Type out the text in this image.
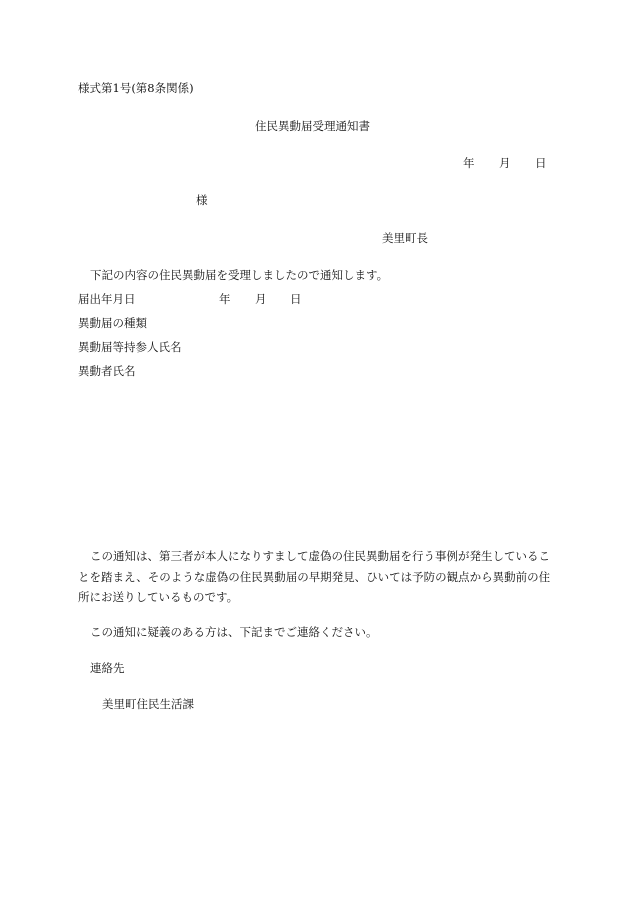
様式第1号(第8条関係)
住民異動届受理通知書
年 月 日
様
美里町長
下記の内容の住民異動届を受理しましたので通知します。
届出年月日	年 月 日
異動届の種類
異動届等持参人氏名
異動者氏名
この通知は、第三者が本人になりすまして虚偽の住民異動届を行う事例が発生していることを踏まえ、そのような虚偽の住民異動届の早期発見、ひいては予防の観点から異動前の住所にお送りしているものです。
この通知に疑義のある方は、下記までご連絡ください。
連絡先
美里町住民生活課
